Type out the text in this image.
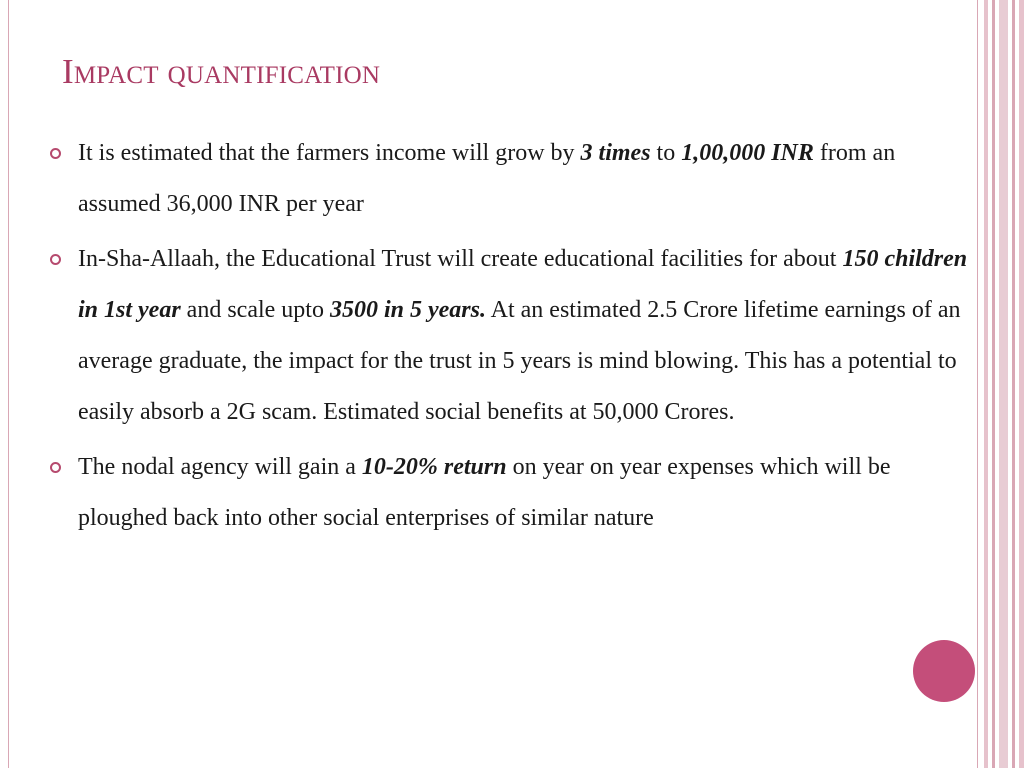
Impact quantification
It is estimated that the farmers income will grow by 3 times to 1,00,000 INR from an assumed 36,000 INR per year
In-Sha-Allaah, the Educational Trust will create educational facilities for about 150 children in 1st year and scale upto 3500 in 5 years. At an estimated 2.5 Crore lifetime earnings of an average graduate, the impact for the trust in 5 years is mind blowing. This has a potential to easily absorb a 2G scam. Estimated social benefits at 50,000 Crores.
The nodal agency will gain a 10-20% return on year on year expenses which will be ploughed back into other social enterprises of similar nature
